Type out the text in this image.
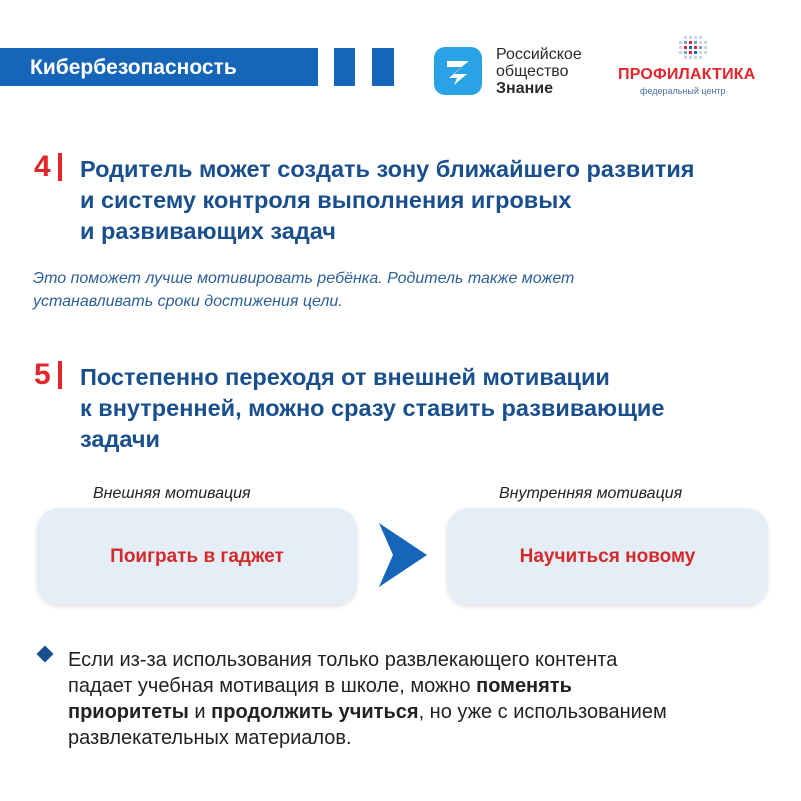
Кибербезопасность
Российское
общество
Знание
ПРОФИЛАКТИКА
федеральный центр
4 Родитель может создать зону ближайшего развития
и систему контроля выполнения игровых
и развивающих задач
Это поможет лучше мотивировать ребёнка. Родитель также может
устанавливать сроки достижения цели.
5 Постепенно переходя от внешней мотивации
к внутренней, можно сразу ставить развивающие
задачи
Внешняя мотивация	Внутренняя мотивация
Поиграть в гаджет	Научиться новому
Если из-за использования только развлекающего контента
падает учебная мотивация в школе, можно поменять
приоритеты и продолжить учиться, но уже с использованием
развлекательных материалов.
